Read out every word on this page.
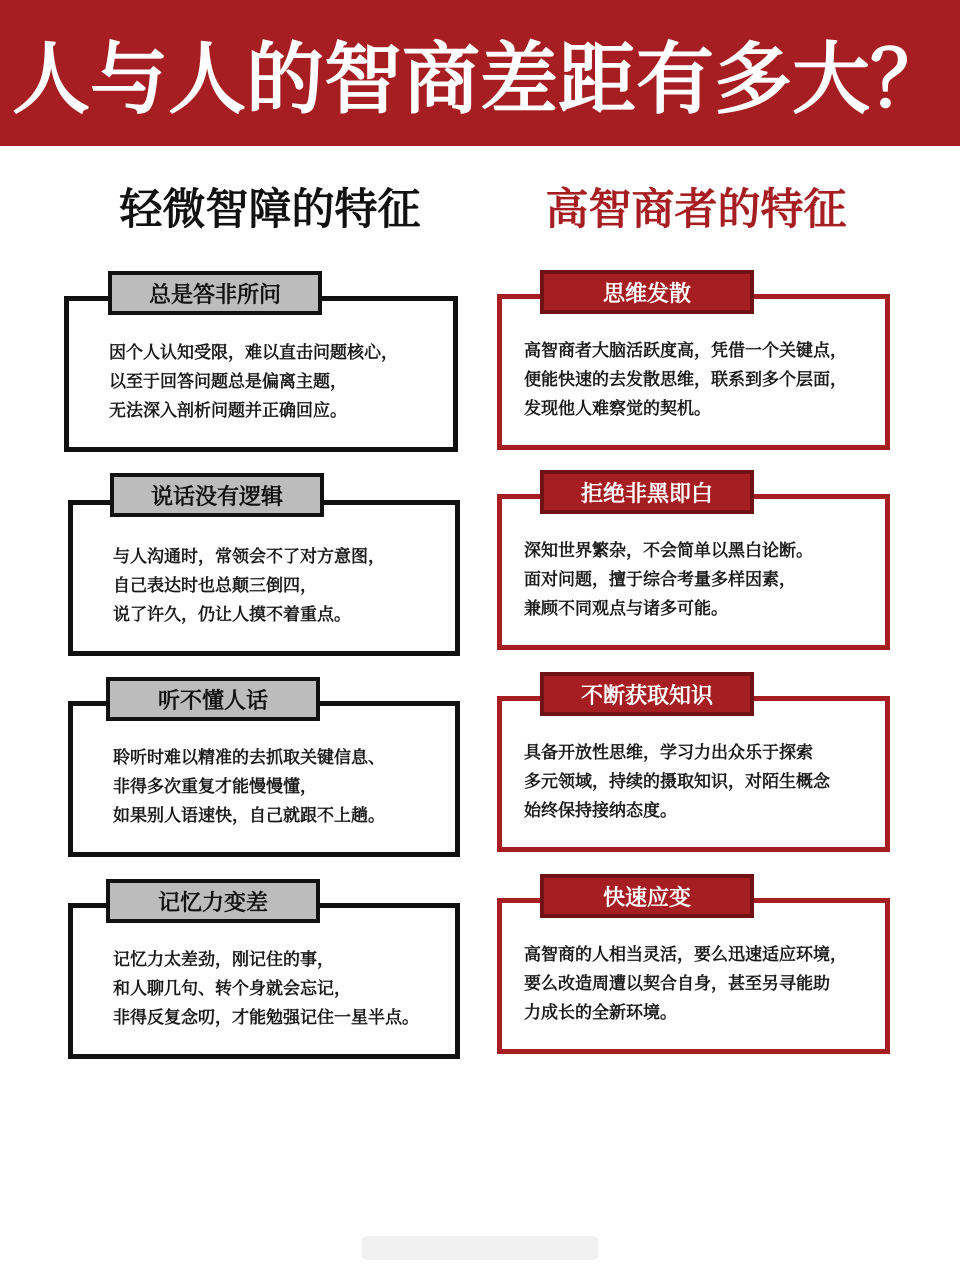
人与人的智商差距有多大？
轻微智障的特征	高智商者的特征
因个人认知受限，难以直击问题核心，
以至于回答问题总是偏离主题，
无法深入剖析问题并正确回应。
总是答非所问
与人沟通时，常领会不了对方意图，
自己表达时也总颠三倒四，
说了许久，仍让人摸不着重点。
说话没有逻辑
聆听时难以精准的去抓取关键信息、
非得多次重复才能慢慢懂，
如果别人语速快，自己就跟不上趟。
听不懂人话
记忆力太差劲，刚记住的事，
和人聊几句、转个身就会忘记，
非得反复念叨，才能勉强记住一星半点。
记忆力变差
高智商者大脑活跃度高，凭借一个关键点，
便能快速的去发散思维，联系到多个层面，
发现他人难察觉的契机。
思维发散
深知世界繁杂，不会简单以黑白论断。
面对问题，擅于综合考量多样因素，
兼顾不同观点与诸多可能。
拒绝非黑即白
具备开放性思维，学习力出众乐于探索
多元领域，持续的摄取知识，对陌生概念
始终保持接纳态度。
不断获取知识
高智商的人相当灵活，要么迅速适应环境，
要么改造周遭以契合自身，甚至另寻能助
力成长的全新环境。
快速应变
